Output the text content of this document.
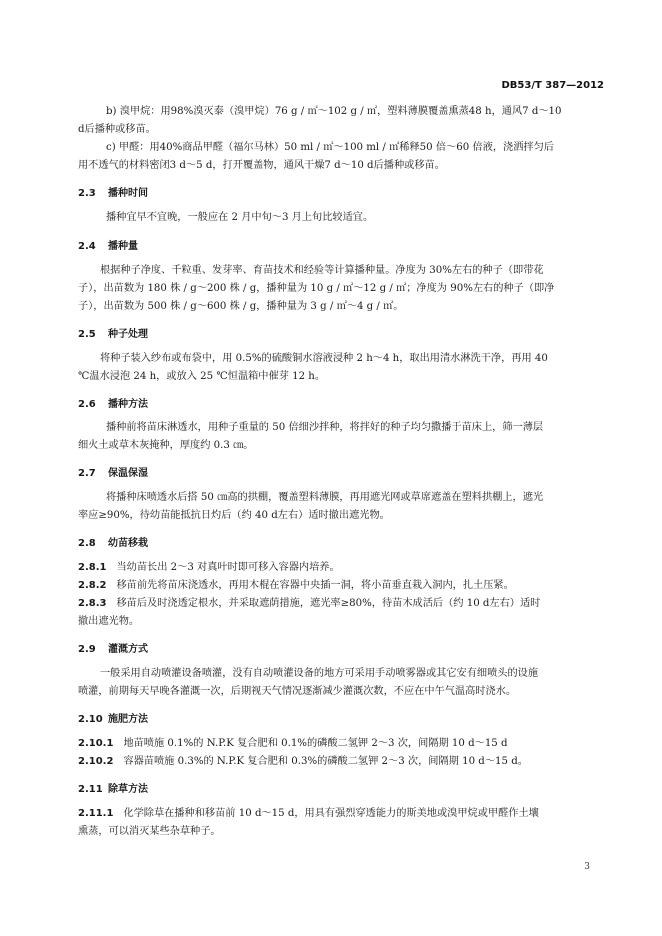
DB53/T 387—2012
b) 溴甲烷：用98%溴灭泰（溴甲烷）76 g / ㎡～102 g / ㎡，塑料薄膜覆盖熏蒸48 h，通风7 d～10
d后播种或移苗。
c) 甲醛：用40%商品甲醛（福尔马林）50 ml / ㎡～100 ml / ㎡稀释50 倍～60 倍液，浇洒拌匀后
用不透气的材料密闭3 d～5 d，打开覆盖物，通风干燥7 d～10 d后播种或移苗。
2.3 播种时间
播种宜早不宜晚，一般应在 2 月中旬～3 月上旬比较适宜。
2.4 播种量
根据种子净度、千粒重、发芽率、育苗技术和经验等计算播种量。净度为 30%左右的种子（即带花
子），出苗数为 180 株 / g～200 株 / g，播种量为 10 g / ㎡～12 g / ㎡；净度为 90%左右的种子（即净
子），出苗数为 500 株 / g～600 株 / g，播种量为 3 g / ㎡～4 g / ㎡。
2.5 种子处理
将种子装入纱布或布袋中，用 0.5%的硫酸铜水溶液浸种 2 h～4 h，取出用清水淋洗干净，再用 40
℃温水浸泡 24 h，或放入 25 ℃恒温箱中催芽 12 h。
2.6 播种方法
播种前将苗床淋透水，用种子重量的 50 倍细沙拌种，将拌好的种子均匀撒播于苗床上，筛一薄层
细火土或草木灰掩种，厚度约 0.3 ㎝。
2.7 保温保湿
将播种床喷透水后搭 50 ㎝高的拱棚，覆盖塑料薄膜，再用遮光网或草席遮盖在塑料拱棚上，遮光
率应≥90%，待幼苗能抵抗日灼后（约 40 d左右）适时撤出遮光物。
2.8 幼苗移栽
2.8.1 当幼苗长出 2～3 对真叶时即可移入容器内培养。
2.8.2 移苗前先将苗床浇透水，再用木棍在容器中央插一洞，将小苗垂直栽入洞内，扎土压紧。
2.8.3 移苗后及时浇透定根水，并采取遮荫措施，遮光率≥80%，待苗木成活后（约 10 d左右）适时
撤出遮光物。
2.9 灌溉方式
一般采用自动喷灌设备喷灌，没有自动喷灌设备的地方可采用手动喷雾器或其它安有细喷头的设施
喷灌，前期每天早晚各灌溉一次，后期视天气情况逐渐减少灌溉次数，不应在中午气温高时浇水。
2.10 施肥方法
2.10.1 地苗喷施 0.1%的 N.P.K 复合肥和 0.1%的磷酸二氢钾 2～3 次，间隔期 10 d～15 d
2.10.2 容器苗喷施 0.3%的 N.P.K 复合肥和 0.3%的磷酸二氢钾 2～3 次，间隔期 10 d～15 d。
2.11 除草方法
2.11.1 化学除草在播种和移苗前 10 d～15 d，用具有强烈穿透能力的斯美地或溴甲烷或甲醛作土壤
熏蒸，可以消灭某些杂草种子。
3
